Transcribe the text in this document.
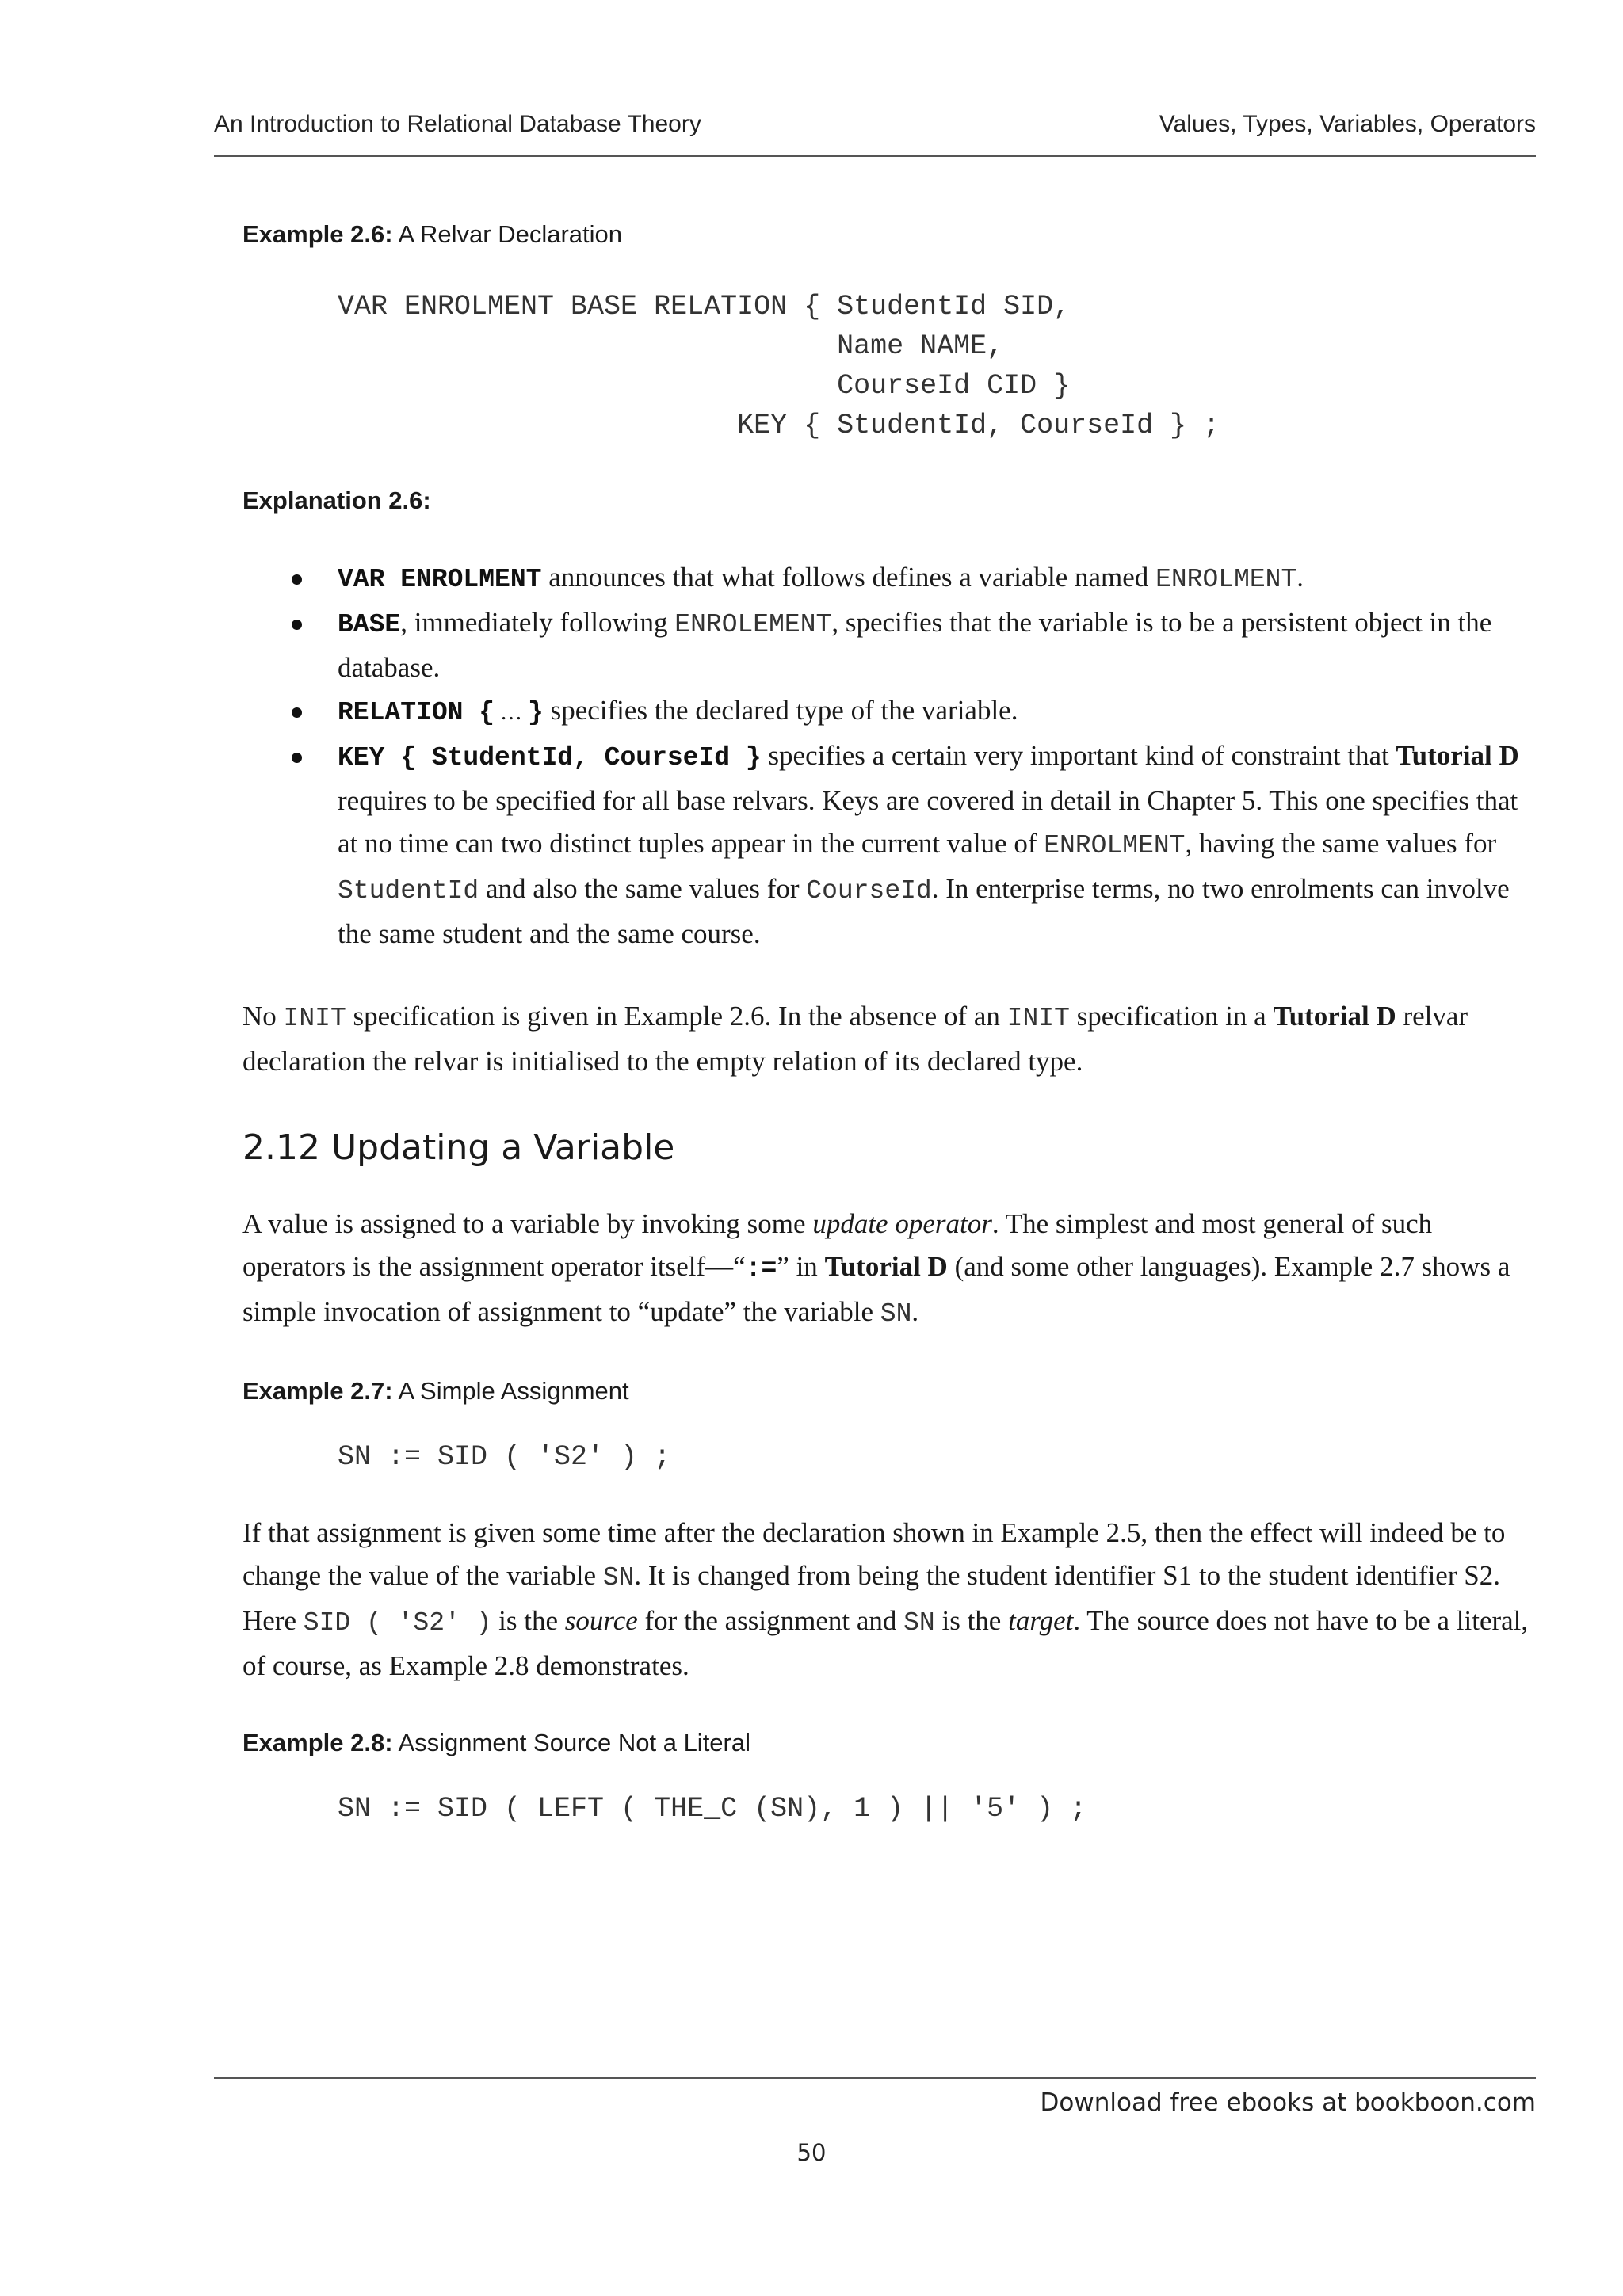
An Introduction to Relational Database Theory	Values, Types, Variables, Operators

Example 2.6: A Relvar Declaration

VAR ENROLMENT BASE RELATION { StudentId SID,
Name NAME,
CourseId CID }
KEY { StudentId, CourseId } ;

Explanation 2.6:

VAR ENROLMENT announces that what follows defines a variable named ENROLMENT.
BASE, immediately following ENROLEMENT, specifies that the variable is to be a persistent object in the database.
RELATION { … } specifies the declared type of the variable.
KEY { StudentId, CourseId } specifies a certain very important kind of constraint that Tutorial D requires to be specified for all base relvars. Keys are covered in detail in Chapter 5. This one specifies that at no time can two distinct tuples appear in the current value of ENROLMENT, having the same values for StudentId and also the same values for CourseId. In enterprise terms, no two enrolments can involve the same student and the same course.

No INIT specification is given in Example 2.6. In the absence of an INIT specification in a Tutorial D relvar declaration the relvar is initialised to the empty relation of its declared type.

2.12 Updating a Variable

A value is assigned to a variable by invoking some update operator. The simplest and most general of such operators is the assignment operator itself—“:=” in Tutorial D (and some other languages). Example 2.7 shows a simple invocation of assignment to “update” the variable SN.

Example 2.7: A Simple Assignment

SN := SID ( 'S2' ) ;

If that assignment is given some time after the declaration shown in Example 2.5, then the effect will indeed be to change the value of the variable SN. It is changed from being the student identifier S1 to the student identifier S2. Here SID ( 'S2' ) is the source for the assignment and SN is the target. The source does not have to be a literal, of course, as Example 2.8 demonstrates.

Example 2.8: Assignment Source Not a Literal

SN := SID ( LEFT ( THE_C (SN), 1 ) || '5' ) ;
Download free ebooks at bookboon.com
50
